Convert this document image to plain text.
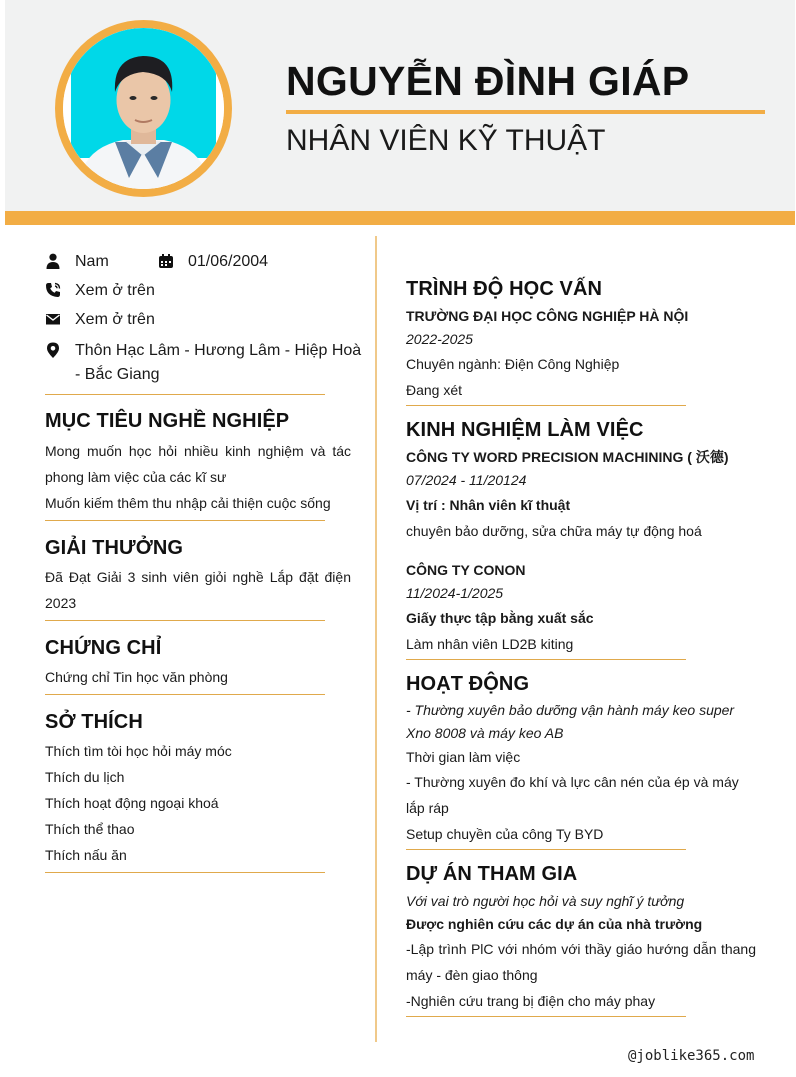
NGUYỄN ĐÌNH GIÁP
NHÂN VIÊN KỸ THUẬT
Nam	01/06/2004
Xem ở trên
Xem ở trên
Thôn Hạc Lâm - Hương Lâm - Hiệp Hoà - Bắc Giang
MỤC TIÊU NGHỀ NGHIỆP
Mong muốn học hỏi nhiều kinh nghiệm và tác phong làm việc của các kĩ sư
Muốn kiếm thêm thu nhập cải thiện cuộc sống
GIẢI THƯỞNG
Đã Đạt Giải 3 sinh viên giỏi nghề Lắp đặt điện 2023
CHỨNG CHỈ
Chứng chỉ Tin học văn phòng
SỞ THÍCH
Thích tìm tòi học hỏi máy móc
Thích du lịch
Thích hoạt động ngoại khoá
Thích thể thao
Thích nấu ăn
TRÌNH ĐỘ HỌC VẤN
TRƯỜNG ĐẠI HỌC CÔNG NGHIỆP HÀ NỘI
2022-2025
Chuyên ngành: Điện Công Nghiệp
Đang xét
KINH NGHIỆM LÀM VIỆC
CÔNG TY WORD PRECISION MACHINING ( 沃德)
07/2024 - 11/20124
Vị trí : Nhân viên kĩ thuật
chuyên bảo dưỡng, sửa chữa máy tự động hoá
CÔNG TY CONON
11/2024-1/2025
Giấy thực tập bằng xuất sắc
Làm nhân viên LD2B kiting
HOẠT ĐỘNG
- Thường xuyên bảo dưỡng vận hành máy keo super Xno 8008 và máy keo AB
Thời gian làm việc
- Thường xuyên đo khí và lực cân nén của ép và máy lắp ráp
Setup chuyền của công Ty BYD
DỰ ÁN THAM GIA
Với vai trò người học hỏi và suy nghĩ ý tưởng
Được nghiên cứu các dự án của nhà trường
-Lập trình PlC với nhóm với thầy giáo hướng dẫn thang máy - đèn giao thông
-Nghiên cứu trang bị điện cho máy phay
@joblike365.com
